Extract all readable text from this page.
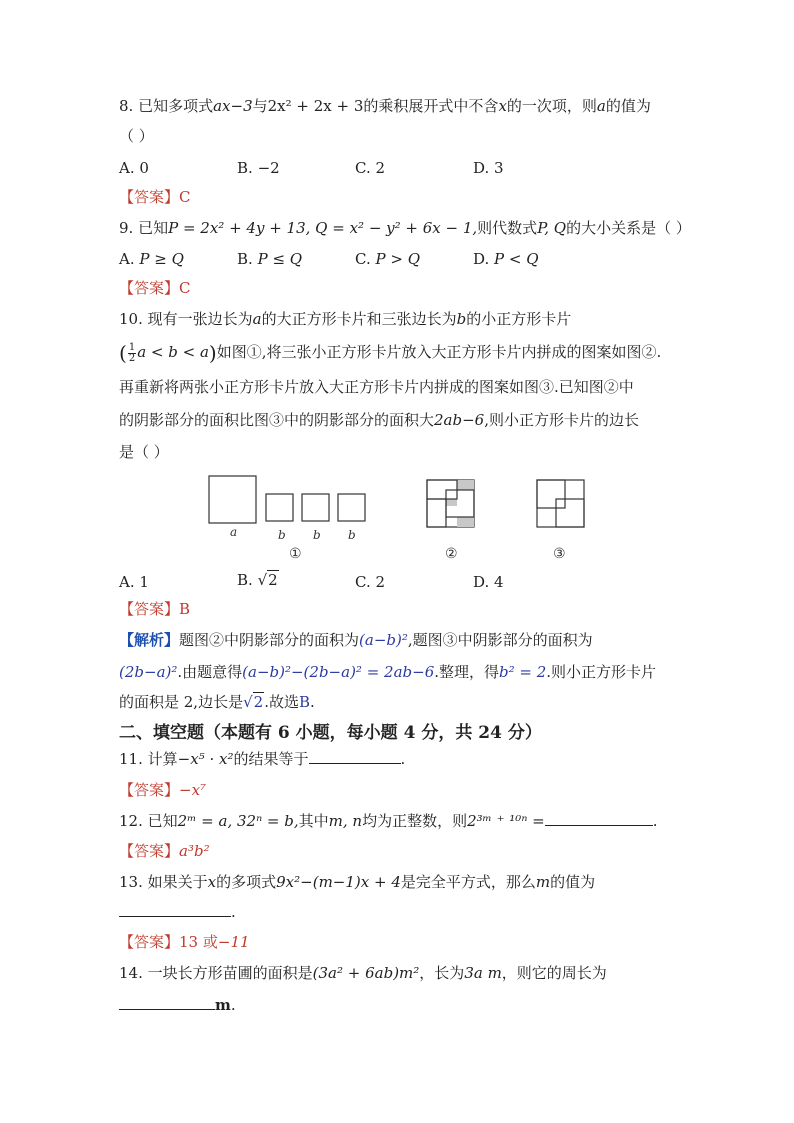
8. 已知多项式ax−3与2x² + 2x + 3的乘积展开式中不含x的一次项，则a的值为
（ ）
A. 0	B. −2	C. 2	D. 3
【答案】C
9. 已知P = 2x² + 4y + 13, Q = x² − y² + 6x − 1,则代数式P, Q的大小关系是（ ）
A. P ≥ Q	B. P ≤ Q	C. P > Q	D. P < Q
【答案】C
10. 现有一张边长为a的大正方形卡片和三张边长为b的小正方形卡片
( $\frac{1}{2}$ a < b < a)如图①,将三张小正方形卡片放入大正方形卡片内拼成的图案如图②.
再重新将两张小正方形卡片放入大正方形卡片内拼成的图案如图③.已知图②中
的阴影部分的面积比图③中的阴影部分的面积大2ab−6,则小正方形卡片的边长
是（ ）
a	b b b
①	②	③
A. 1	B. √2	C. 2	D. 4
【答案】B
【解析】题图②中阴影部分的面积为(a−b)²,题图③中阴影部分的面积为
(2b−a)².由题意得(a−b)²−(2b−a)² = 2ab−6.整理，得b² = 2.则小正方形卡片
的面积是 2,边长是√2.故选B.
二、填空题（本题有 6 小题，每小题 4 分，共 24 分）
11. 计算−x⁵ · x²的结果等于	.
【答案】−x⁷
12. 已知2ᵐ = a, 32ⁿ = b,其中m, n均为正整数，则2³ᵐ ⁺ ¹⁰ⁿ =	.
【答案】a³b²
13. 如果关于x的多项式9x²−(m−1)x + 4是完全平方式，那么m的值为
.
【答案】13 或−11
14. 一块长方形苗圃的面积是(3a² + 6ab)m²，长为3a m，则它的周长为
m.
